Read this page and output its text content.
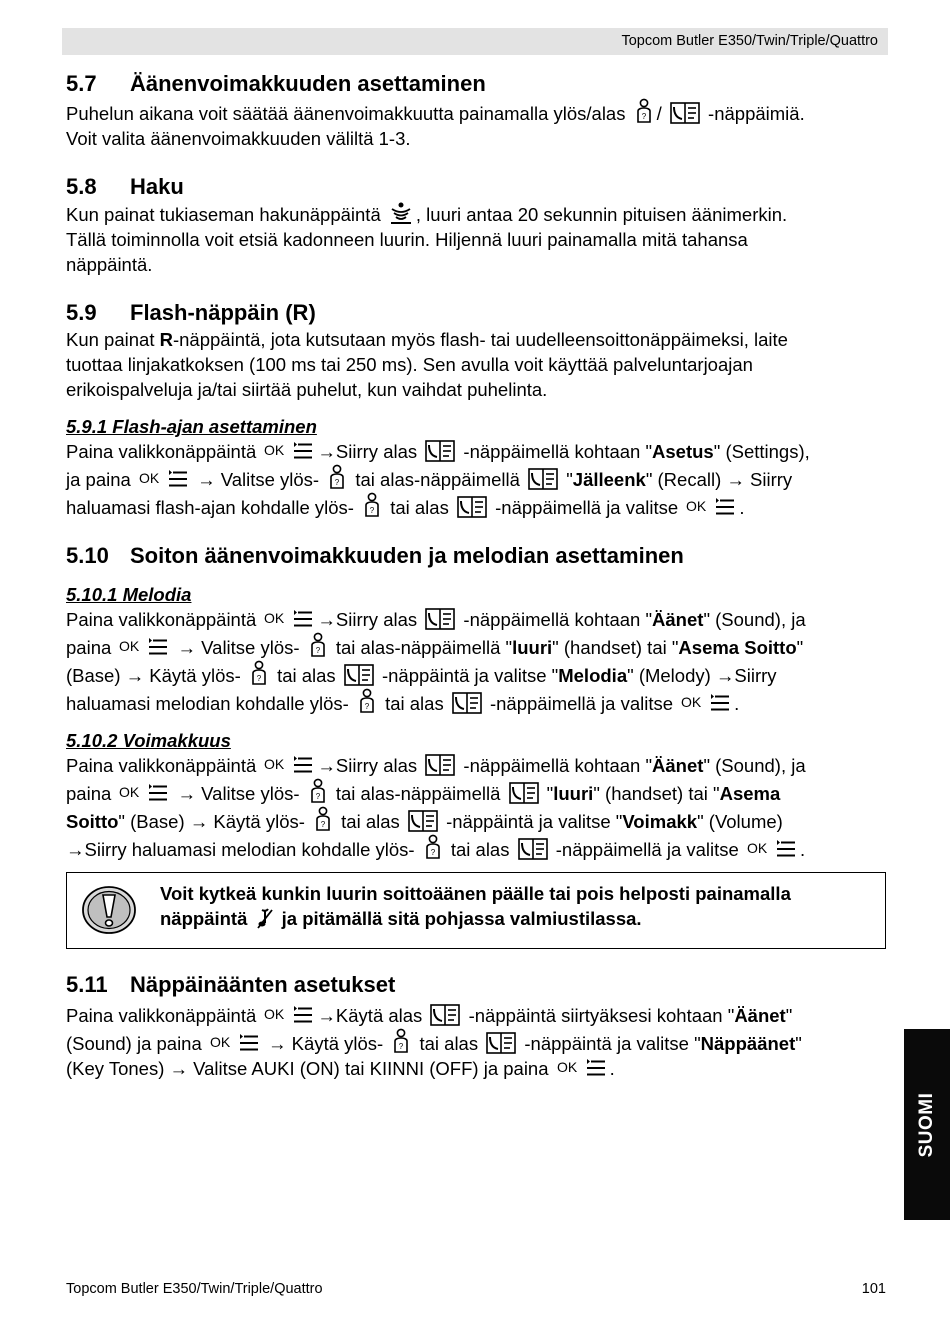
Topcom Butler E350/Twin/Triple/Quattro
5.7 Äänenvoimakkuuden asettaminen

Puhelun aikana voit säätää äänenvoimakkuutta painamalla ylös/alas /	-näppäimiä.

Voit valita äänenvoimakkuuden väliltä 1-3.

5.8 Haku

Kun painat tukiaseman hakunäppäintä , luuri antaa 20 sekunnin pituisen äänimerkin.

Tällä toiminnolla voit etsiä kadonneen luurin. Hiljennä luuri painamalla mitä tahansa

näppäintä.

5.9 Flash-näppäin (R)

Kun painat R-näppäintä, jota kutsutaan myös flash- tai uudelleensoittonäppäimeksi, laite

tuottaa linjakatkoksen (100 ms tai 250 ms). Sen avulla voit käyttää palveluntarjoajan

erikoispalveluja ja/tai siirtää puhelut, kun vaihdat puhelinta.

5.9.1 Flash-ajan asettaminen

Paina valikkonäppäintä	→Siirry alas	-näppäimellä kohtaan "Asetus" (Settings),

ja paina	→ Valitse ylös- tai alas-näppäimellä	"Jälleenk" (Recall) → Siirry

haluamasi flash-ajan kohdalle ylös- tai alas	-näppäimellä ja valitse	.

5.10 Soiton äänenvoimakkuuden ja melodian asettaminen
5.10.1 Melodia

Paina valikkonäppäintä	→Siirry alas	-näppäimellä kohtaan "Äänet" (Sound), ja

paina	→ Valitse ylös- tai alas-näppäimellä "luuri" (handset) tai "Asema Soitto"

(Base) → Käytä ylös- tai alas	-näppäintä ja valitse "Melodia" (Melody) →Siirry

haluamasi melodian kohdalle ylös- tai alas	-näppäimellä ja valitse	.

5.10.2 Voimakkuus

Paina valikkonäppäintä	→Siirry alas	-näppäimellä kohtaan "Äänet" (Sound), ja

paina	→ Valitse ylös- tai alas-näppäimellä	"luuri" (handset) tai "Asema

Soitto" (Base) → Käytä ylös- tai alas	-näppäintä ja valitse "Voimakk" (Volume)

→Siirry haluamasi melodian kohdalle ylös- tai alas	-näppäimellä ja valitse	.

Voit kytkeä kunkin luurin soittoäänen päälle tai pois helposti painamalla
näppäintä ja pitämällä sitä pohjassa valmiustilassa.
5.11 Näppäinäänten asetukset

Paina valikkonäppäintä	→Käytä alas	-näppäintä siirtyäksesi kohtaan "Äänet"

(Sound) ja paina	→ Käytä ylös- tai alas	-näppäintä ja valitse "Näppäänet"

(Key Tones) → Valitse AUKI (ON) tai KIINNI (OFF) ja paina	.

SUOMI
Topcom Butler E350/Twin/Triple/Quattro	101
